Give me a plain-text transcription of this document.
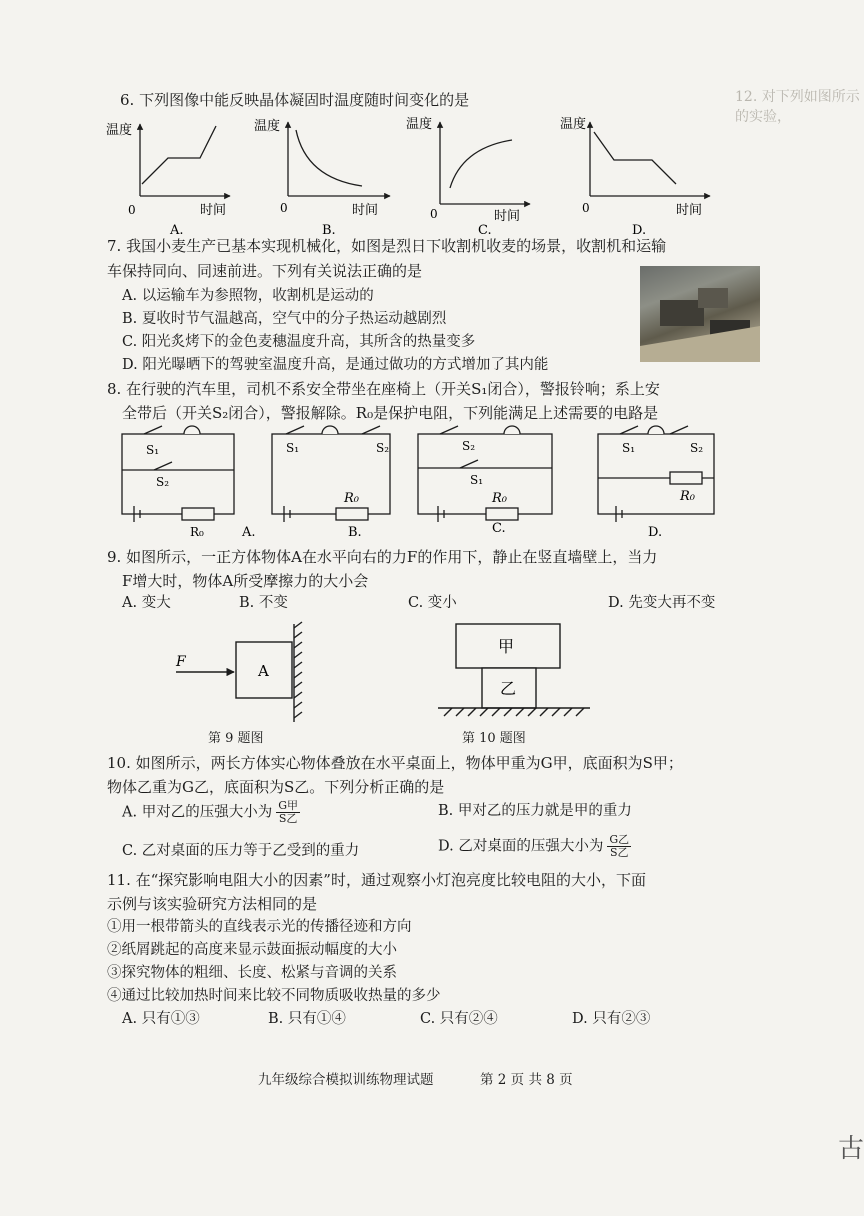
12. 对下列如图所示的实验，
古
6. 下列图像中能反映晶体凝固时温度随时间变化的是
温度
0	时间
温度
0	时间
温度
0	时间
温度
0	时间
A.	B.	C.	D.
7. 我国小麦生产已基本实现机械化，如图是烈日下收割机收麦的场景，收割机和运输
车保持同向、同速前进。下列有关说法正确的是
A. 以运输车为参照物，收割机是运动的
B. 夏收时节气温越高，空气中的分子热运动越剧烈
C. 阳光炙烤下的金色麦穗温度升高，其所含的热量变多
D. 阳光曝晒下的驾驶室温度升高，是通过做功的方式增加了其内能
8. 在行驶的汽车里，司机不系安全带坐在座椅上（开关S₁闭合），警报铃响；系上安
全带后（开关S₂闭合），警报解除。R₀是保护电阻，下列能满足上述需要的电路是
S₁
S₂
R₀
S₁	S₂
R₀
S₂
S₁
R₀
S₁	S₂
R₀
A.	B.	C.	D.
9. 如图所示，一正方体物体A在水平向右的力F的作用下，静止在竖直墙壁上，当力
F增大时，物体A所受摩擦力的大小会
A. 变大	B. 不变	C. 变小	D. 先变大再不变
F	A
第 9 题图
甲
乙
第 10 题图
10. 如图所示，两长方体实心物体叠放在水平桌面上，物体甲重为G甲，底面积为S甲；
物体乙重为G乙，底面积为S乙。下列分析正确的是
A. 甲对乙的压强大小为 $\frac{\text{G甲}}{\text{S乙}}$	B. 甲对乙的压力就是甲的重力
C. 乙对桌面的压力等于乙受到的重力	D. 乙对桌面的压强大小为 $\frac{\text{G乙}}{\text{S乙}}$
11. 在“探究影响电阻大小的因素”时，通过观察小灯泡亮度比较电阻的大小，下面
示例与该实验研究方法相同的是
①用一根带箭头的直线表示光的传播径迹和方向
②纸屑跳起的高度来显示鼓面振动幅度的大小
③探究物体的粗细、长度、松紧与音调的关系
④通过比较加热时间来比较不同物质吸收热量的多少
A. 只有①③	B. 只有①④	C. 只有②④	D. 只有②③
九年级综合模拟训练物理试题	第 2 页 共 8 页
